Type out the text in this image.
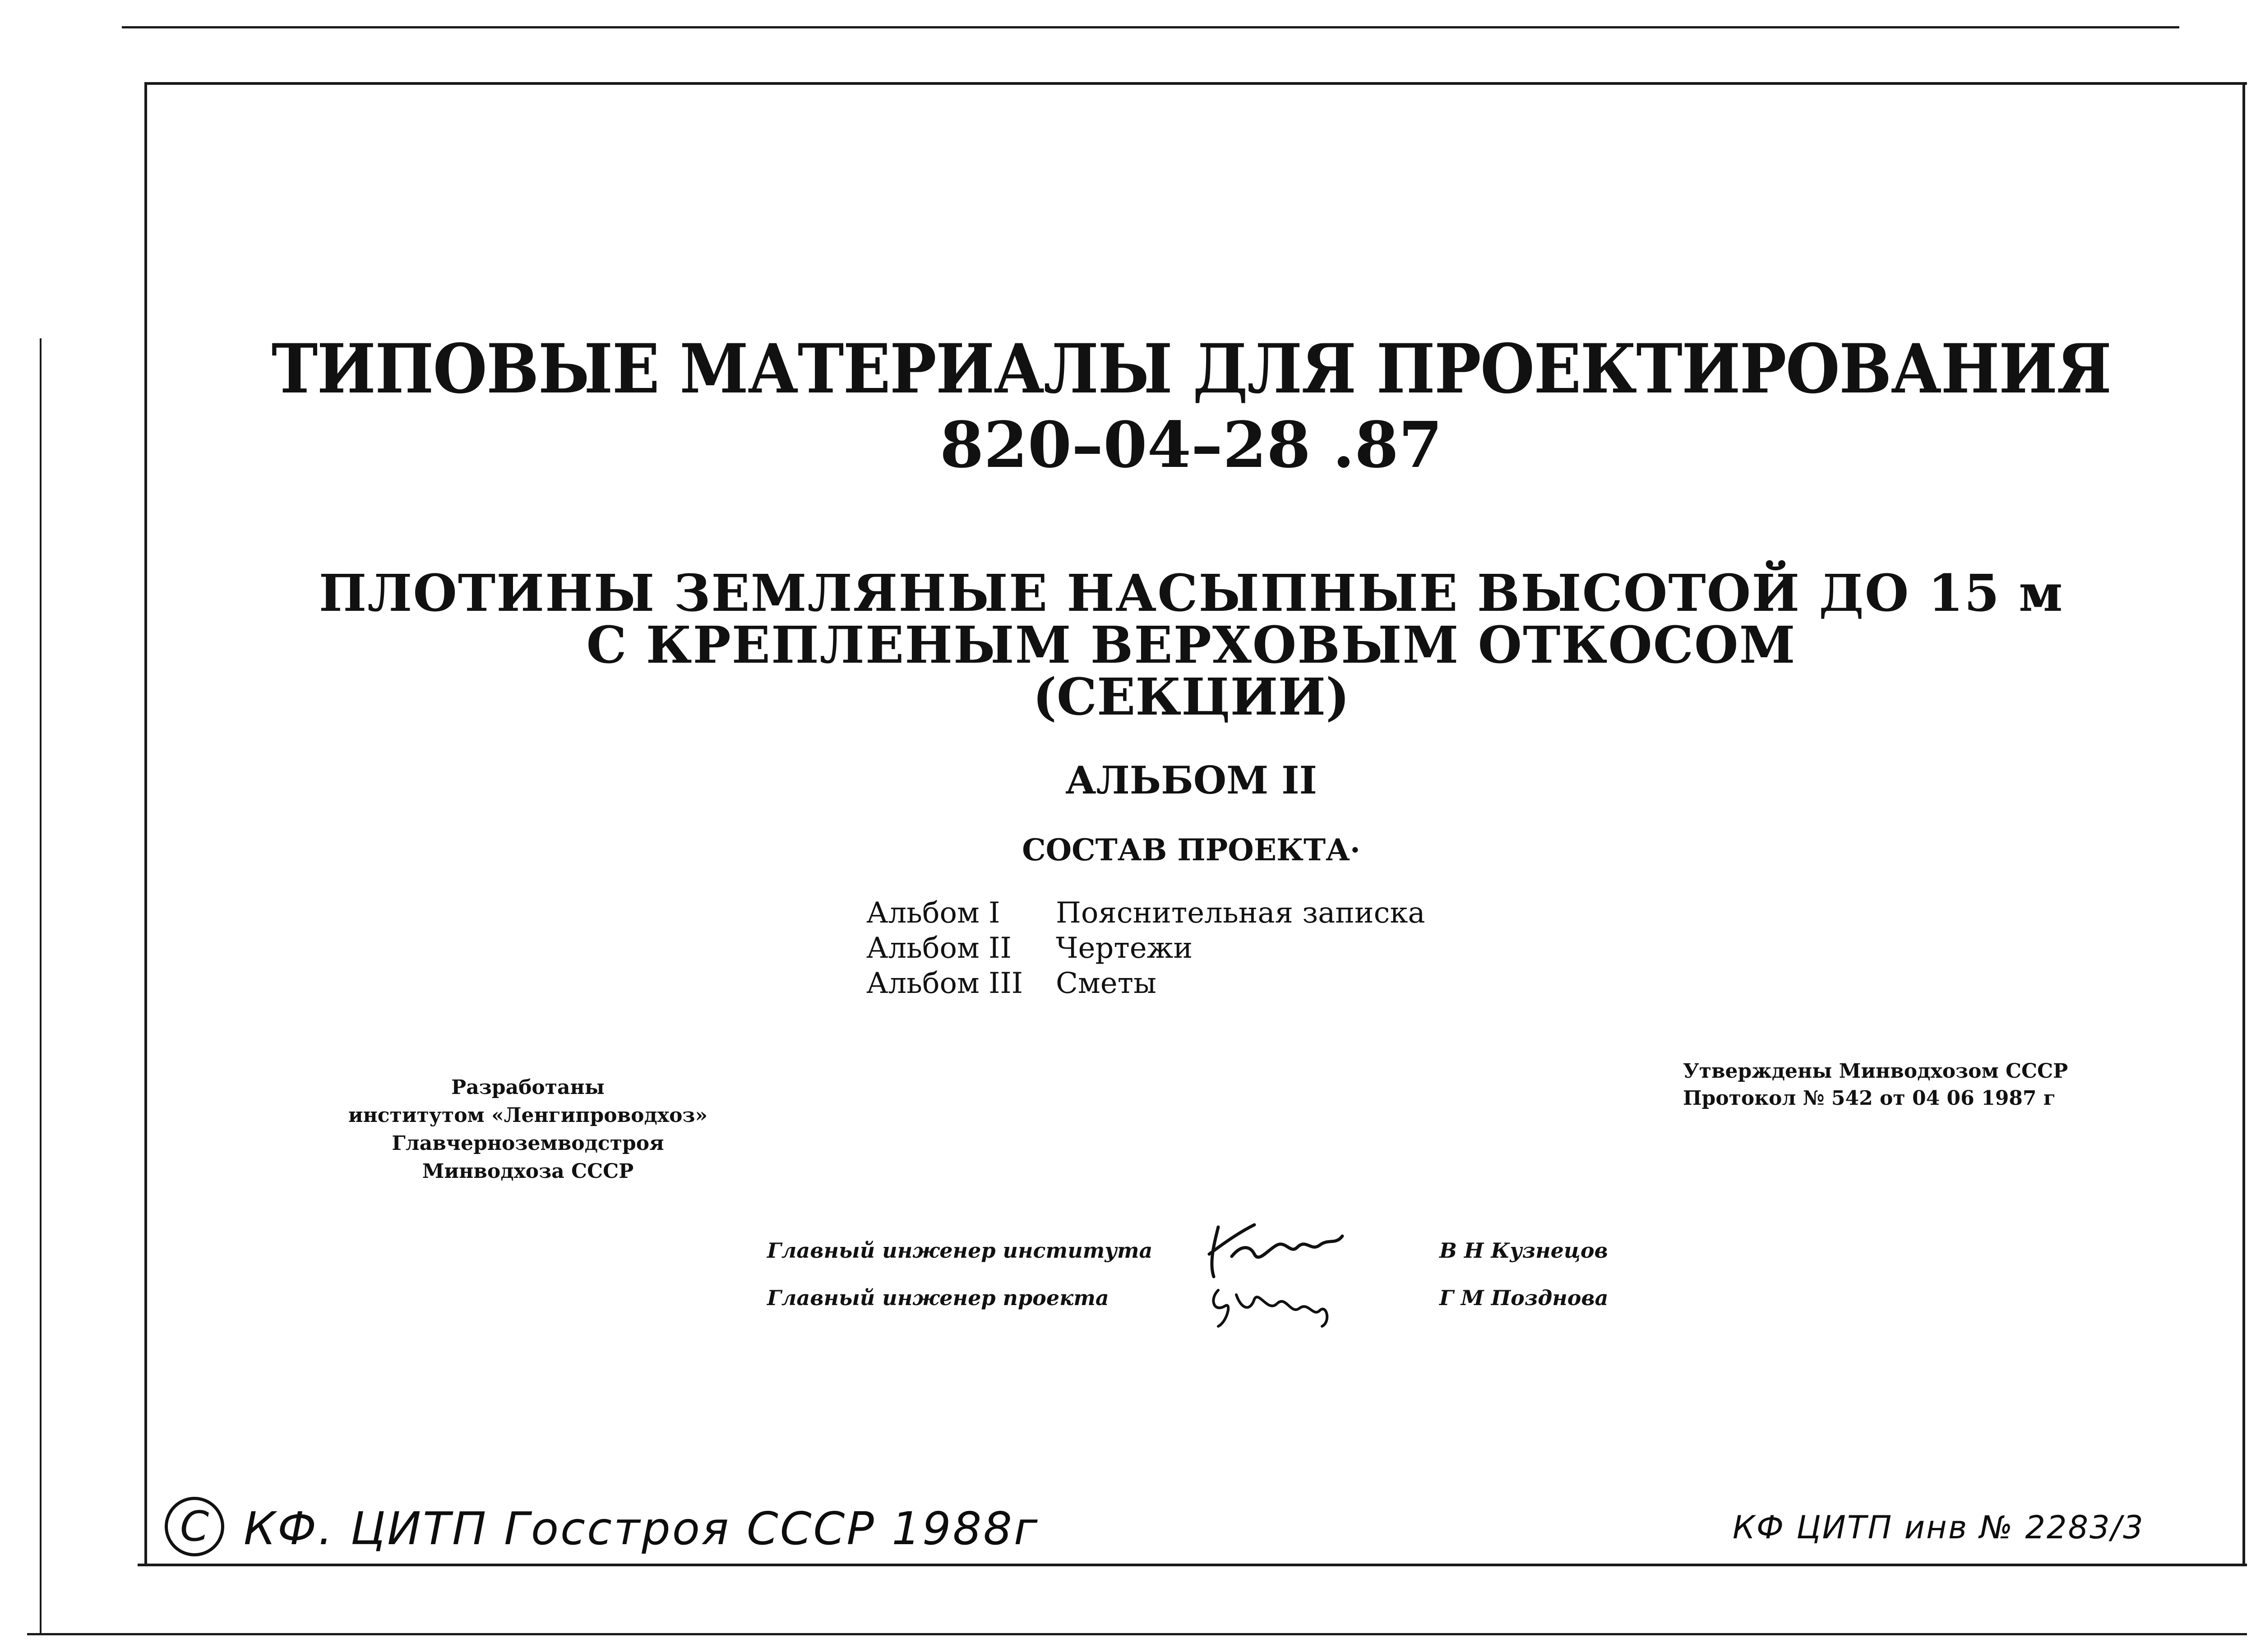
ТИПОВЫЕ МАТЕРИАЛЫ ДЛЯ ПРОЕКТИРОВАНИЯ
820–04–28 .87
ПЛОТИНЫ ЗЕМЛЯНЫЕ НАСЫПНЫЕ ВЫСОТОЙ ДО 15 м
С КРЕПЛЕНЫМ ВЕРХОВЫМ ОТКОСОМ
(СЕКЦИИ)
АЛЬБОМ II
СОСТАВ ПРОЕКТА·
Альбом I Пояснительная записка
Альбом II Чертежи
Альбом III Сметы
Разработаны
институтом «Ленгипроводхоз»
Главчерноземводстроя
Минводхоза СССР
Утверждены Минводхозом СССР
Протокол № 542 от 04 06 1987 г
Главный инженер института	В Н Кузнецов
Главный инженер проекта	Г М Позднова
С КФ. ЦИТП Госстроя СССР 1988г	КФ ЦИТП инв № 2283/3
